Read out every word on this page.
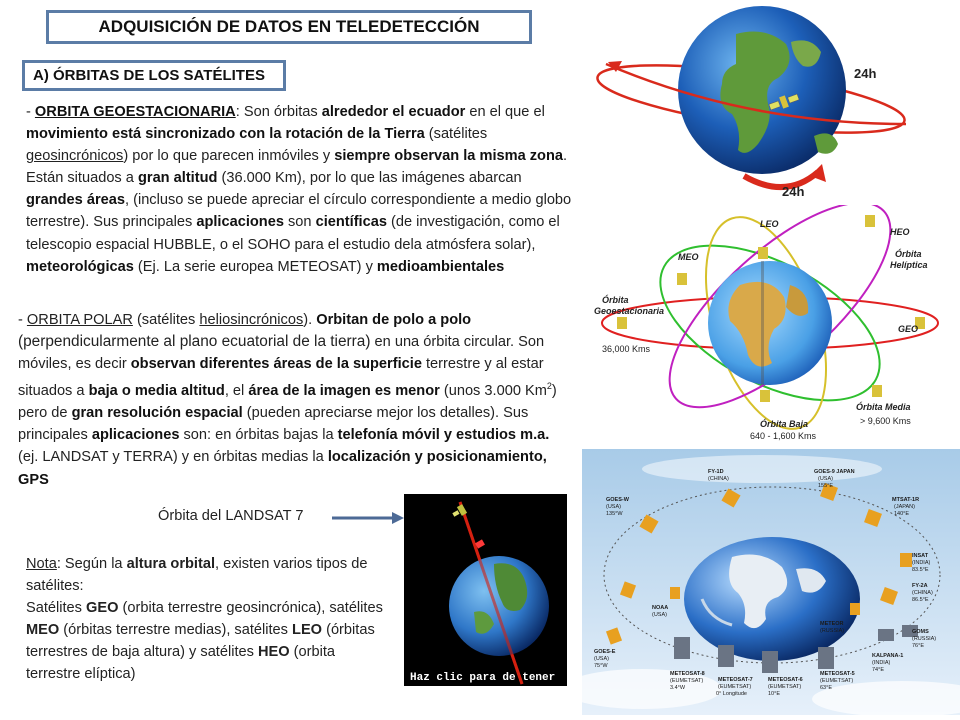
ADQUISICIÓN DE DATOS EN TELEDETECCIÓN
A) ÓRBITAS DE LOS SATÉLITES
- ORBITA GEOESTACIONARIA: Son órbitas alrededor el ecuador en el que el movimiento está sincronizado con la rotación de la Tierra (satélites geosincrónicos) por lo que parecen inmóviles y siempre observan la misma zona. Están situados a gran altitud (36.000 Km), por lo que las imágenes abarcan grandes áreas, (incluso se puede apreciar el círculo correspondiente a medio globo terrestre). Sus principales aplicaciones son científicas (de investigación, como el telescopio espacial HUBBLE, o el SOHO para el estudio dela atmósfera solar), meteorológicas (Ej. La serie europea METEOSAT) y medioambientales
- ORBITA POLAR (satélites heliosincrónicos). Orbitan de polo a polo (perpendicularmente al plano ecuatorial de la tierra) en una órbita circular. Son móviles, es decir observan diferentes áreas de la superficie terrestre y al estar situados a baja o media altitud, el área de la imagen es menor (unos 3.000 Km$^2$) pero de gran resolución espacial (pueden apreciarse mejor los detalles). Sus principales aplicaciones son: en órbitas bajas la telefonía móvil y estudios m.a. (ej. LANDSAT y TERRA) y en órbitas medias la localización y posicionamiento, GPS
Órbita del LANDSAT 7
Nota: Según la altura orbital, existen varios tipos de satélites:
Satélites GEO (orbita terrestre geosincrónica), satélites MEO (órbitas terrestre medias), satélites LEO (órbitas terrestres de baja altura) y satélites HEO (orbita terrestre elíptica)
24h
24h
LEO
HEO
MEO	Órbita
Helíptica
Órbita
Geoestacionaria
36,000 Kms
GEO
Órbita Media
> 9,600 Kms
Órbita Baja
640 - 1,600 Kms
Haz clic para de tener
FY-1D
(CHINA)
GOES-9 JAPAN
(USA)
155°E
GOES-W
(USA)
135°W
MTSAT-1R
(JAPAN)
140°E
INSAT
(INDIA)
83.5°E
FY-2A
(CHINA)
86.5°E
NOAA
(USA)
METEOR
(RUSSIA)
GOES-E
(USA)
75°W
GOMS
(RUSSIA)
76°E
KALPANA-1
(INDIA)
74°E
METEOSAT-8
(EUMETSAT)
3.4°W
METEOSAT-7
(EUMETSAT)
0° Longitude
METEOSAT-6
(EUMETSAT)
10°E
METEOSAT-5
(EUMETSAT)
63°E
